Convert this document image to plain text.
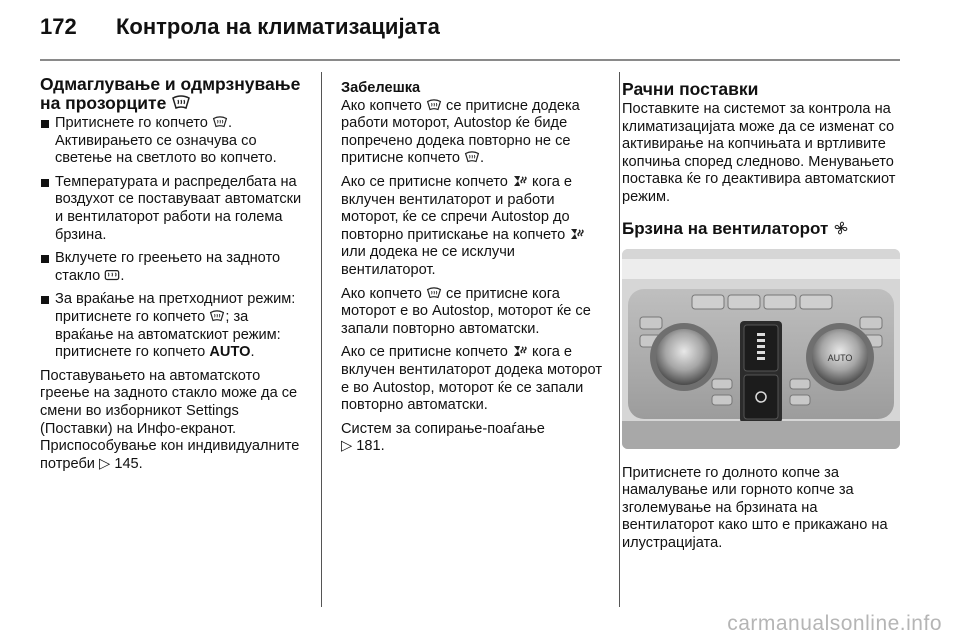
172	Контрола на климатизацијата
Одмаглување и одмрзнување на прозорците
Притиснете го копчето . Активирањето се означува со светење на светлото во копчето.
Температурата и распределбата на воздухот се поставуваат автоматски и вентилаторот работи на голема брзина.
Вклучете го греењето на задното стакло .
За враќање на претходниот режим: притиснете го копчето ; за враќање на автоматскиот режим: притиснете го копчето AUTO.

Поставувањето на автоматското греење на задното стакло може да се смени во изборникот Settings (Поставки) на Инфо-екранот. Приспособување кон индивидуалните потреби ▷ 145.

Забелешка

Ако копчето се притисне додека работи моторот, Autostop ќе биде попречено додека повторно не се притисне копчето .

Ако се притисне копчето кога е вклучен вентилаторот и работи моторот, ќе се спречи Autostop до повторно притискање на копчето  или додека не се исклучи вентилаторот.

Ако копчето се притисне кога моторот е во Autostop, моторот ќе се запали повторно автоматски.

Ако се притисне копчето кога е вклучен вентилаторот додека моторот е во Autostop, моторот ќе се запали повторно автоматски.

Систем за сопирање-поаѓање
▷ 181.

Рачни поставки

Поставките на системот за контрола на климатизацијата може да се изменат со активирање на копчињата и вртливите копчиња според следново. Менувањето поставка ќе го деактивира автоматскиот режим.

Брзина на вентилаторот
AUTO

Притиснете го долното копче за намалување или горното копче за зголемување на брзината на вентилаторот како што е прикажано на илустрацијата.

carmanualsonline.info
